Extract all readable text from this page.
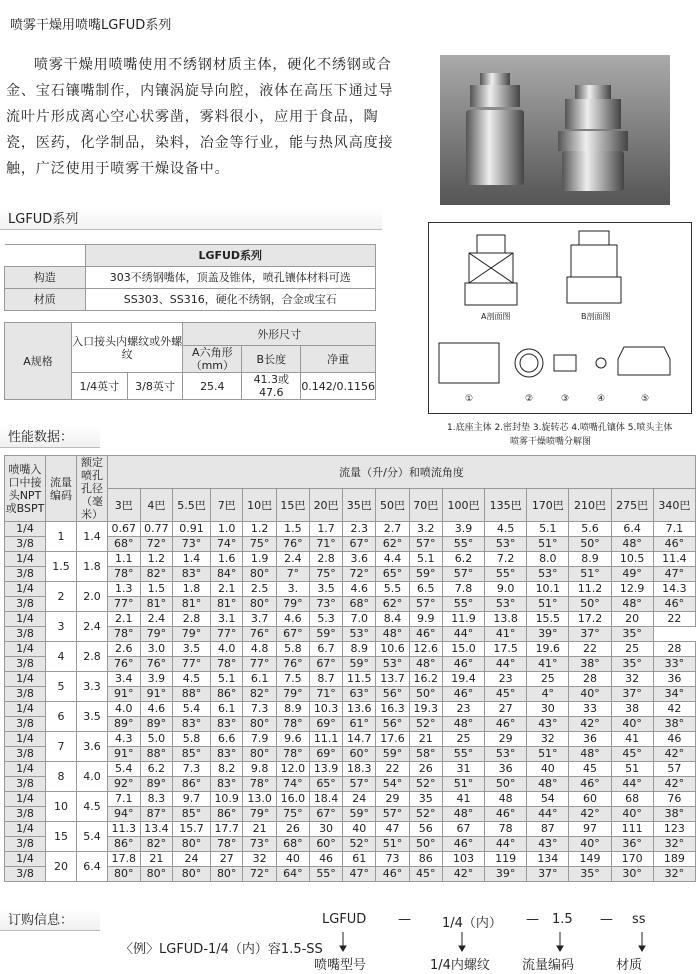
喷雾干燥用喷嘴LGFUD系列
喷雾干燥用喷嘴使用不绣钢材质主体，硬化不绣钢或合金、宝石镶嘴制作，内镶涡旋导向腔，液体在高压下通过导流叶片形成离心空心状雾凿，雾料很小，应用于食品，陶瓷，医药，化学制品，染料，冶金等行业，能与热风高度接触，广泛使用于喷雾干燥设备中。
LGFUD系列
	LGFUD系列
构造	303不绣钢嘴体，顶盖及锥体，喷孔镶体材料可选
材质	SS303、SS316，硬化不绣钢，合金或宝石
A规格	入口接头内螺纹或外螺纹		外形尺寸		
			A六角形（mm）	B长度	净重
	1/4英寸	3/8英寸	25.4	41.3或47.6	0.142/0.1156
A剖面图	B剖面图
①	②	③	④	⑤
1.底座主体 2.密封垫 3.旋转芯 4.喷嘴孔镶体 5.喷头主体
喷雾干燥喷嘴分解图
性能数据：
喷嘴入口中接头NPT或BSPT	流量编码	额定喷孔孔径（毫米）	流量（升/分）和喷流角度															
			3巴	4巴	5.5巴	7巴	10巴	15巴	20巴	35巴	50巴	70巴	100巴	135巴	170巴	210巴	275巴	340巴
1/4	1	1.4	0.67	0.77	0.91	1.0	1.2	1.5	1.7	2.3	2.7	3.2	3.9	4.5	5.1	5.6	6.4	7.1
3/8			68°	72°	73°	74°	75°	76°	71°	67°	62°	57°	55°	53°	51°	50°	48°	46°
1/4	1.5	1.8	1.1	1.2	1.4	1.6	1.9	2.4	2.8	3.6	4.4	5.1	6.2	7.2	8.0	8.9	10.5	11.4
3/8			78°	82°	83°	84°	80°	7°	75°	72°	65°	59°	57°	55°	53°	51°	49°	47°
1/4	2	2.0	1.3	1.5	1.8	2.1	2.5	3.	3.5	4.6	5.5	6.5	7.8	9.0	10.1	11.2	12.9	14.3
3/8			77°	81°	81°	81°	80°	79°	73°	68°	62°	57°	55°	53°	51°	50°	48°	46°
1/4	3	2.4	2.1	2.4	2.8	3.1	3.7	4.6	5.3	7.0	8.4	9.9	11.9	13.8	15.5	17.2	20	22
3/8			78°	79°	79°	77°	76°	67°	59°	53°	48°	46°	44°	41°	39°	37°	35°	
1/4	4	2.8	2.6	3.0	3.5	4.0	4.8	5.8	6.7	8.9	10.6	12.6	15.0	17.5	19.6	22	25	28
3/8			76°	76°	77°	78°	77°	76°	67°	59°	53°	48°	46°	44°	41°	38°	35°	33°
1/4	5	3.3	3.4	3.9	4.5	5.1	6.1	7.5	8.7	11.5	13.7	16.2	19.4	23	25	28	32	36
3/8			91°	91°	88°	86°	82°	79°	71°	63°	56°	50°	46°	45°	4°	40°	37°	34°
1/4	6	3.5	4.0	4.6	5.4	6.1	7.3	8.9	10.3	13.6	16.3	19.3	23	27	30	33	38	42
3/8			89°	89°	83°	83°	80°	78°	69°	61°	56°	52°	48°	46°	43°	42°	40°	38°
1/4	7	3.6	4.3	5.0	5.8	6.6	7.9	9.6	11.1	14.7	17.6	21	25	29	32	36	41	46
3/8			91°	88°	85°	83°	80°	78°	69°	60°	59°	58°	55°	53°	51°	48°	45°	42°
1/4	8	4.0	5.4	6.2	7.3	8.2	9.8	12.0	13.9	18.3	22	26	31	36	40	45	51	57
3/8			92°	89°	86°	83°	78°	74°	65°	57°	54°	52°	51°	50°	48°	46°	44°	42°
1/4	10	4.5	7.1	8.3	9.7	10.9	13.0	16.0	18.4	24	29	35	41	48	54	60	68	76
3/8			94°	87°	85°	86°	79°	75°	67°	59°	57°	52°	48°	46°	44°	42°	40°	38°
1/4	15	5.4	11.3	13.4	15.7	17.7	21	26	30	40	47	56	67	78	87	97	111	123
3/8			86°	82°	80°	78°	73°	68°	60°	52°	51°	50°	46°	44°	43°	40°	36°	32°
1/4	20	6.4	17.8	21	24	27	32	40	46	61	73	86	103	119	134	149	170	189
3/8			80°	80°	80°	80°	72°	64°	55°	47°	46°	45°	42°	39°	37°	35°	30°	32°
订购信息：
〈例〉LGFUD-1/4（内）容1.5-SS
LGFUD — 1/4（内） — 1.5 — ss
喷嘴型号	1/4内螺纹 流量编码	材质
